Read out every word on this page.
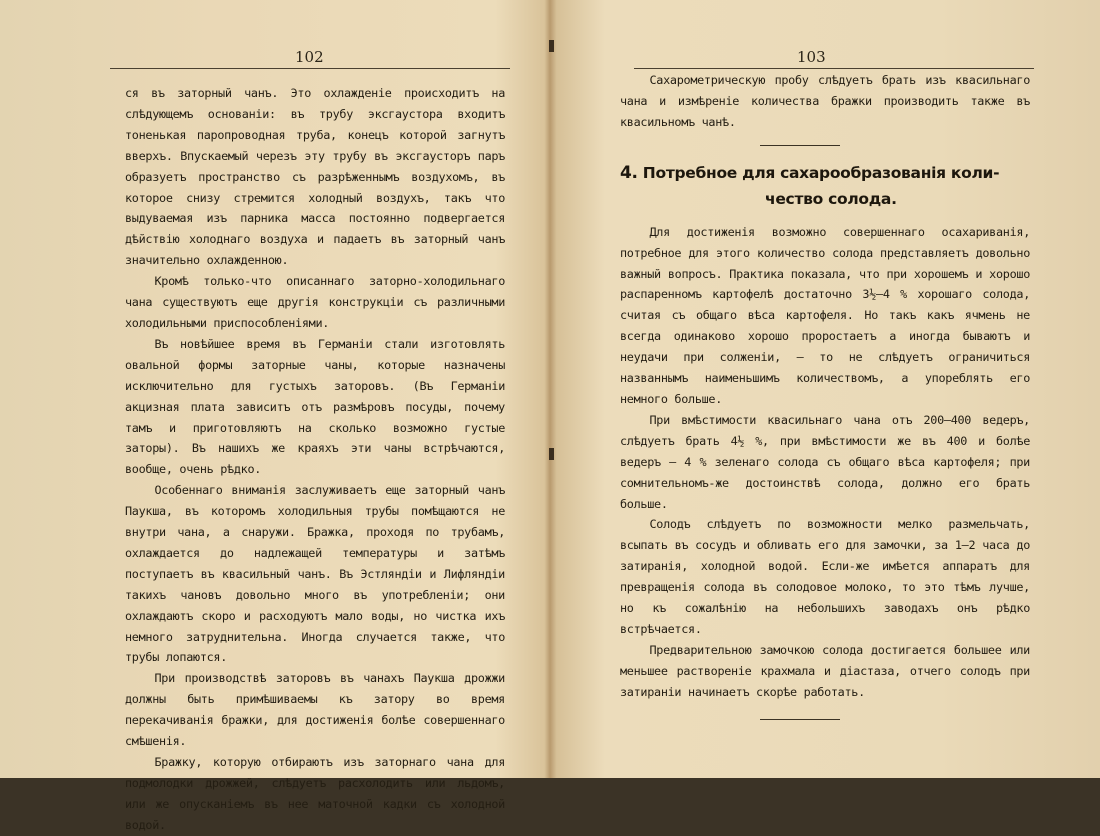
102

ся въ заторный чанъ. Это охлажденіе происходитъ на слѣдующемъ основаніи: въ трубу эксгаустора входитъ тоненькая паропроводная труба, конецъ которой загнутъ вверхъ. Впускаемый черезъ эту трубу въ эксгаусторъ паръ образуетъ пространство съ разрѣженнымъ воздухомъ, въ которое снизу стремится холодный воздухъ, такъ что выдуваемая изъ парника масса постоянно подвергается дѣйствію холоднаго воздуха и падаетъ въ заторный чанъ значительно охлажденною.

Кромѣ только-что описаннаго заторно-холодильнаго чана существуютъ еще другія конструкціи съ различными холодильными приспособленіями.

Въ новѣйшее время въ Германіи стали изготовлять овальной формы заторные чаны, которые назначены исключительно для густыхъ заторовъ. (Въ Германіи акцизная плата зависитъ отъ размѣровъ посуды, почему тамъ и приготовляютъ на сколько возможно густые заторы). Въ нашихъ же краяхъ эти чаны встрѣчаются, вообще, очень рѣдко.

Особеннаго вниманія заслуживаетъ еще заторный чанъ Паукша, въ которомъ холодильныя трубы помѣщаются не внутри чана, а снаружи. Бражка, проходя по трубамъ, охлаждается до надлежащей температуры и затѣмъ поступаетъ въ квасильный чанъ. Въ Эстляндіи и Лифляндіи такихъ чановъ довольно много въ употребленіи; они охлаждаютъ скоро и расходуютъ мало воды, но чистка ихъ немного затруднительна. Иногда случается также, что трубы лопаются.

При производствѣ заторовъ въ чанахъ Паукша дрожжи должны быть примѣшиваемы къ затору во время перекачиванія бражки, для достиженія болѣе совершеннаго смѣшенія.

Бражку, которую отбираютъ изъ заторнаго чана для подмолодки дрожжей, слѣдуетъ расхолодить или льдомъ, или же опусканіемъ въ нее маточной кадки съ холодной водой.

103

Сахарометрическую пробу слѣдуетъ брать изъ квасильнаго чана и измѣреніе количества бражки производить также въ квасильномъ чанѣ.

4. Потребное для сахарообразованія коли-
чество солода.

Для достиженія возможно совершеннаго осахариванія, потребное для этого количество солода представляетъ довольно важный вопросъ. Практика показала, что при хорошемъ и хорошо распаренномъ картофелѣ достаточно 3½—4 % хорошаго солода, считая съ общаго вѣса картофеля. Но такъ какъ ячмень не всегда одинаково хорошо проростаетъ а иногда бываютъ и неудачи при солженіи, — то не слѣдуетъ ограничиться названнымъ наименьшимъ количествомъ, а упореблять его немного больше.

При вмѣстимости квасильнаго чана отъ 200—400 ведеръ, слѣдуетъ брать 4½ %, при вмѣстимости же въ 400 и болѣе ведеръ — 4 % зеленаго солода съ общаго вѣса картофеля; при сомнительномъ-же достоинствѣ солода, должно его брать больше.

Солодъ слѣдуетъ по возможности мелко размельчать, всыпать въ сосудъ и обливать его для замочки, за 1—2 часа до затиранія, холодной водой. Если-же имѣется аппаратъ для превращенія солода въ солодовое молоко, то это тѣмъ лучше, но къ сожалѣнію на небольшихъ заводахъ онъ рѣдко встрѣчается.

Предварительною замочкою солода достигается большее или меньшее раствореніе крахмала и діастаза, отчего солодъ при затираніи начинаетъ скорѣе работать.
